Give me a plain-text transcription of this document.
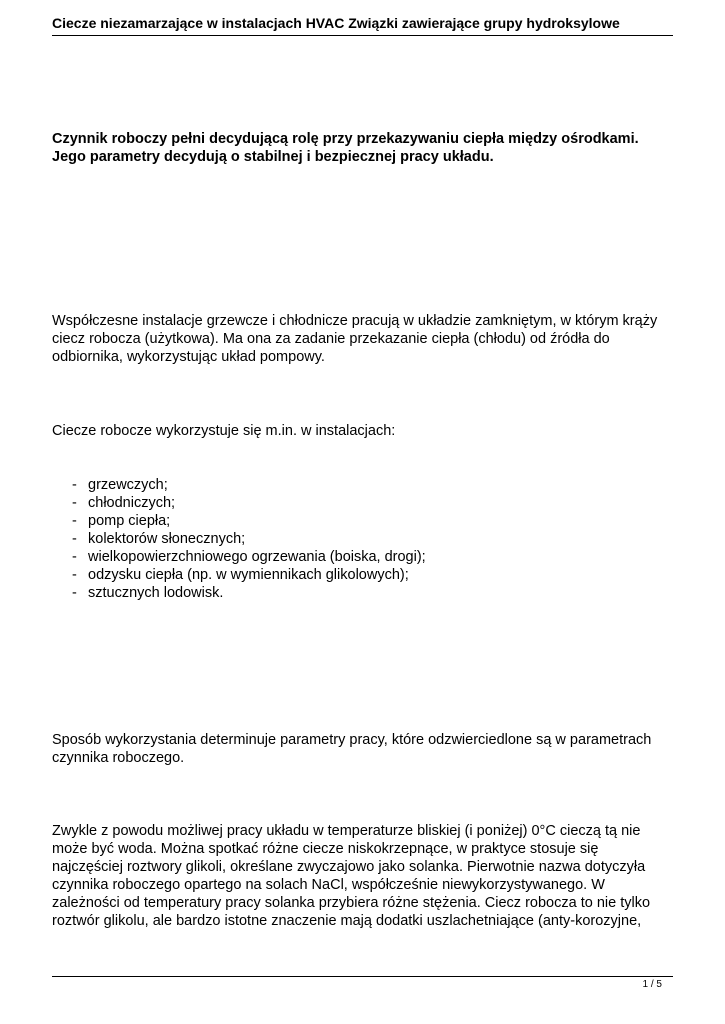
Ciecze niezamarzające w instalacjach HVAC Związki zawierające grupy hydroksylowe

Czynnik roboczy pełni decydującą rolę przy przekazywaniu ciepła między ośrodkami. Jego parametry decydują o stabilnej i bezpiecznej pracy układu.

Współczesne instalacje grzewcze i chłodnicze pracują w układzie zamkniętym, w którym krąży ciecz robocza (użytkowa). Ma ona za zadanie przekazanie ciepła (chłodu) od źródła do odbiornika, wykorzystując układ pompowy.

Ciecze robocze wykorzystuje się m.in. w instalacjach:

- grzewczych;
- chłodniczych;
- pomp ciepła;
- kolektorów słonecznych;
- wielkopowierzchniowego ogrzewania (boiska, drogi);
- odzysku ciepła (np. w wymiennikach glikolowych);
- sztucznych lodowisk.

Sposób wykorzystania determinuje parametry pracy, które odzwierciedlone są w parametrach czynnika roboczego.

Zwykle z powodu możliwej pracy układu w temperaturze bliskiej (i poniżej) 0°C cieczą tą nie może być woda. Można spotkać różne ciecze niskokrzepnące, w praktyce stosuje się najczęściej roztwory glikoli, określane zwyczajowo jako solanka. Pierwotnie nazwa dotyczyła czynnika roboczego opartego na solach NaCl, współcześnie niewykorzystywanego. W zależności od temperatury pracy solanka przybiera różne stężenia. Ciecz robocza to nie tylko roztwór glikolu, ale bardzo istotne znaczenie mają dodatki uszlachetniające (anty-korozyjne,

1 / 5
